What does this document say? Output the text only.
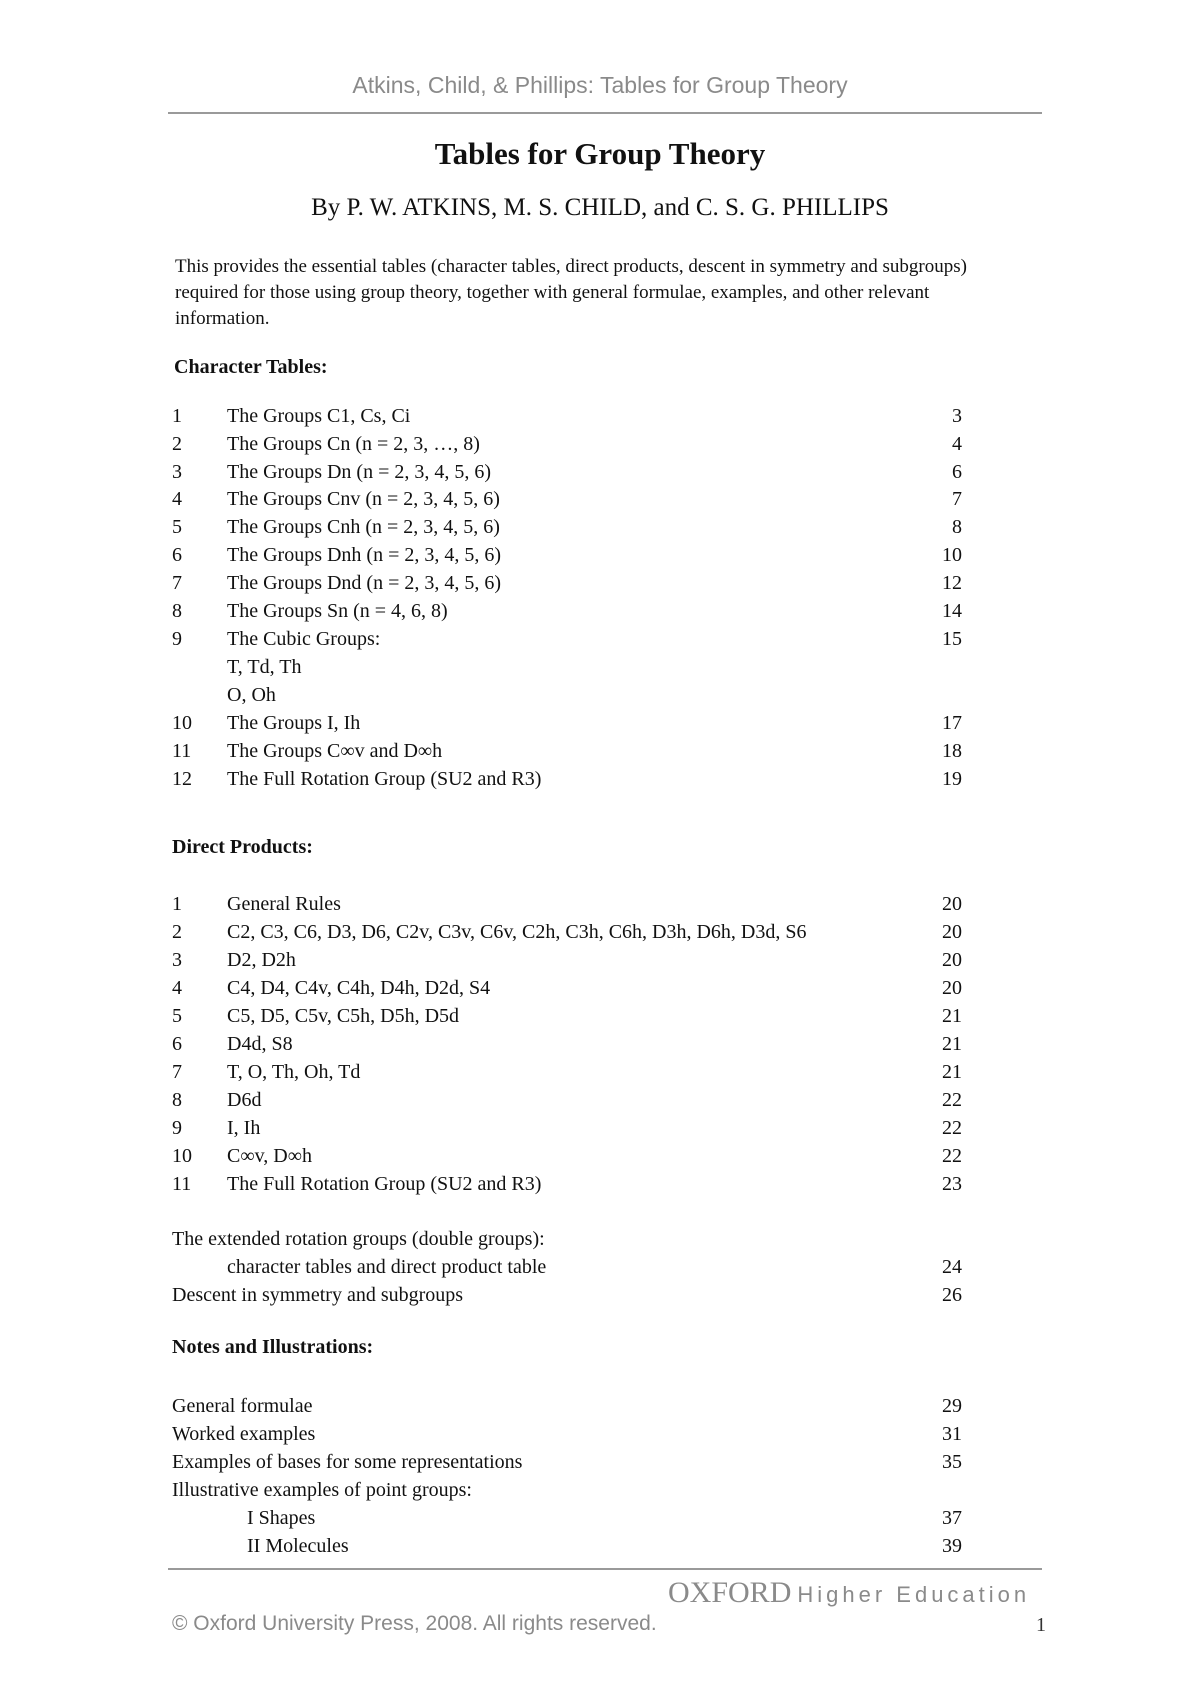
Atkins, Child, & Phillips: Tables for Group Theory
Tables for Group Theory
By P. W. ATKINS, M. S. CHILD, and C. S. G. PHILLIPS
This provides the essential tables (character tables, direct products, descent in symmetry and subgroups) required for those using group theory, together with general formulae, examples, and other relevant information.
Character Tables:
1 The Groups C1, Cs, Ci	3
2 The Groups Cn (n = 2, 3, …, 8)	4
3 The Groups Dn (n = 2, 3, 4, 5, 6)	6
4 The Groups Cnv (n = 2, 3, 4, 5, 6)	7
5 The Groups Cnh (n = 2, 3, 4, 5, 6)	8
6 The Groups Dnh (n = 2, 3, 4, 5, 6)	10
7 The Groups Dnd (n = 2, 3, 4, 5, 6)	12
8 The Groups Sn (n = 4, 6, 8)	14
9 The Cubic Groups:	15
T, Td, Th
O, Oh
10 The Groups I, Ih	17
11 The Groups C∞v and D∞h	18
12 The Full Rotation Group (SU2 and R3)	19
Direct Products:
1 General Rules	20
2 C2, C3, C6, D3, D6, C2v, C3v, C6v, C2h, C3h, C6h, D3h, D6h, D3d, S6	20
3 D2, D2h	20
4 C4, D4, C4v, C4h, D4h, D2d, S4	20
5 C5, D5, C5v, C5h, D5h, D5d	21
6 D4d, S8	21
7 T, O, Th, Oh, Td	21
8 D6d	22
9 I, Ih	22
10 C∞v, D∞h	22
11 The Full Rotation Group (SU2 and R3)	23
The extended rotation groups (double groups):
character tables and direct product table	24
Descent in symmetry and subgroups	26
Notes and Illustrations:
General formulae	29
Worked examples	31
Examples of bases for some representations	35
Illustrative examples of point groups:
I Shapes	37
II Molecules	39
OXFORD Higher Education
© Oxford University Press, 2008. All rights reserved.	1
